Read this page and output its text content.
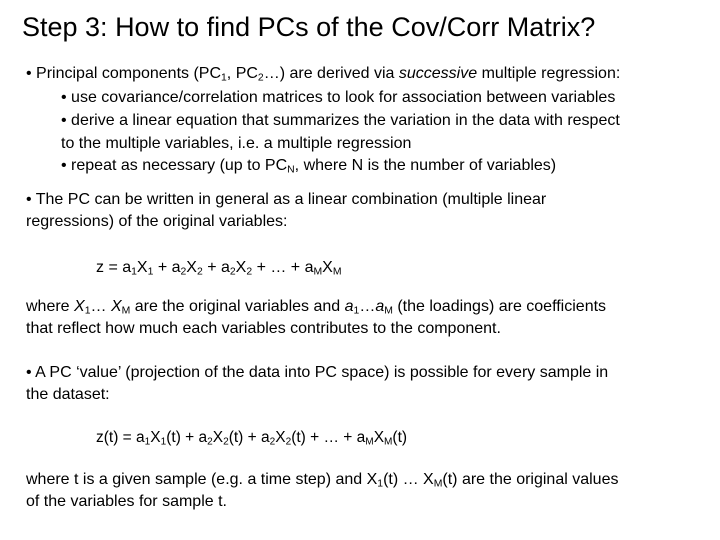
Step 3: How to find PCs of the Cov/Corr Matrix?
• Principal components ($PC_1$, $PC_2\dots$) are derived via successive multiple regression:
• use covariance/correlation matrices to look for association between variables
• derive a linear equation that summarizes the variation in the data with respect
to the multiple variables, i.e. a multiple regression
• repeat as necessary (up to $PC_N$, where N is the number of variables)
• The PC can be written in general as a linear combination (multiple linear
regressions) of the original variables:
$z = a_1X_1 + a_2X_2 + a_2X_2$ + … + $a_MX_M$
where $X_1\dots$ $X_M$ are the original variables and $a_1\dots a_M$ (the loadings) are coefficients
that reflect how much each variables contributes to the component.
• A PC ‘value’ (projection of the data into PC space) is possible for every sample in
the dataset:
$z(t) = a_1X_1(t) + a_2X_2(t) + a_2X_2(t)$ + … + $a_MX_M(t)$
where t is a given sample (e.g. a time step) and $X_1(t)$ … $X_M(t)$ are the original values
of the variables for sample t.
